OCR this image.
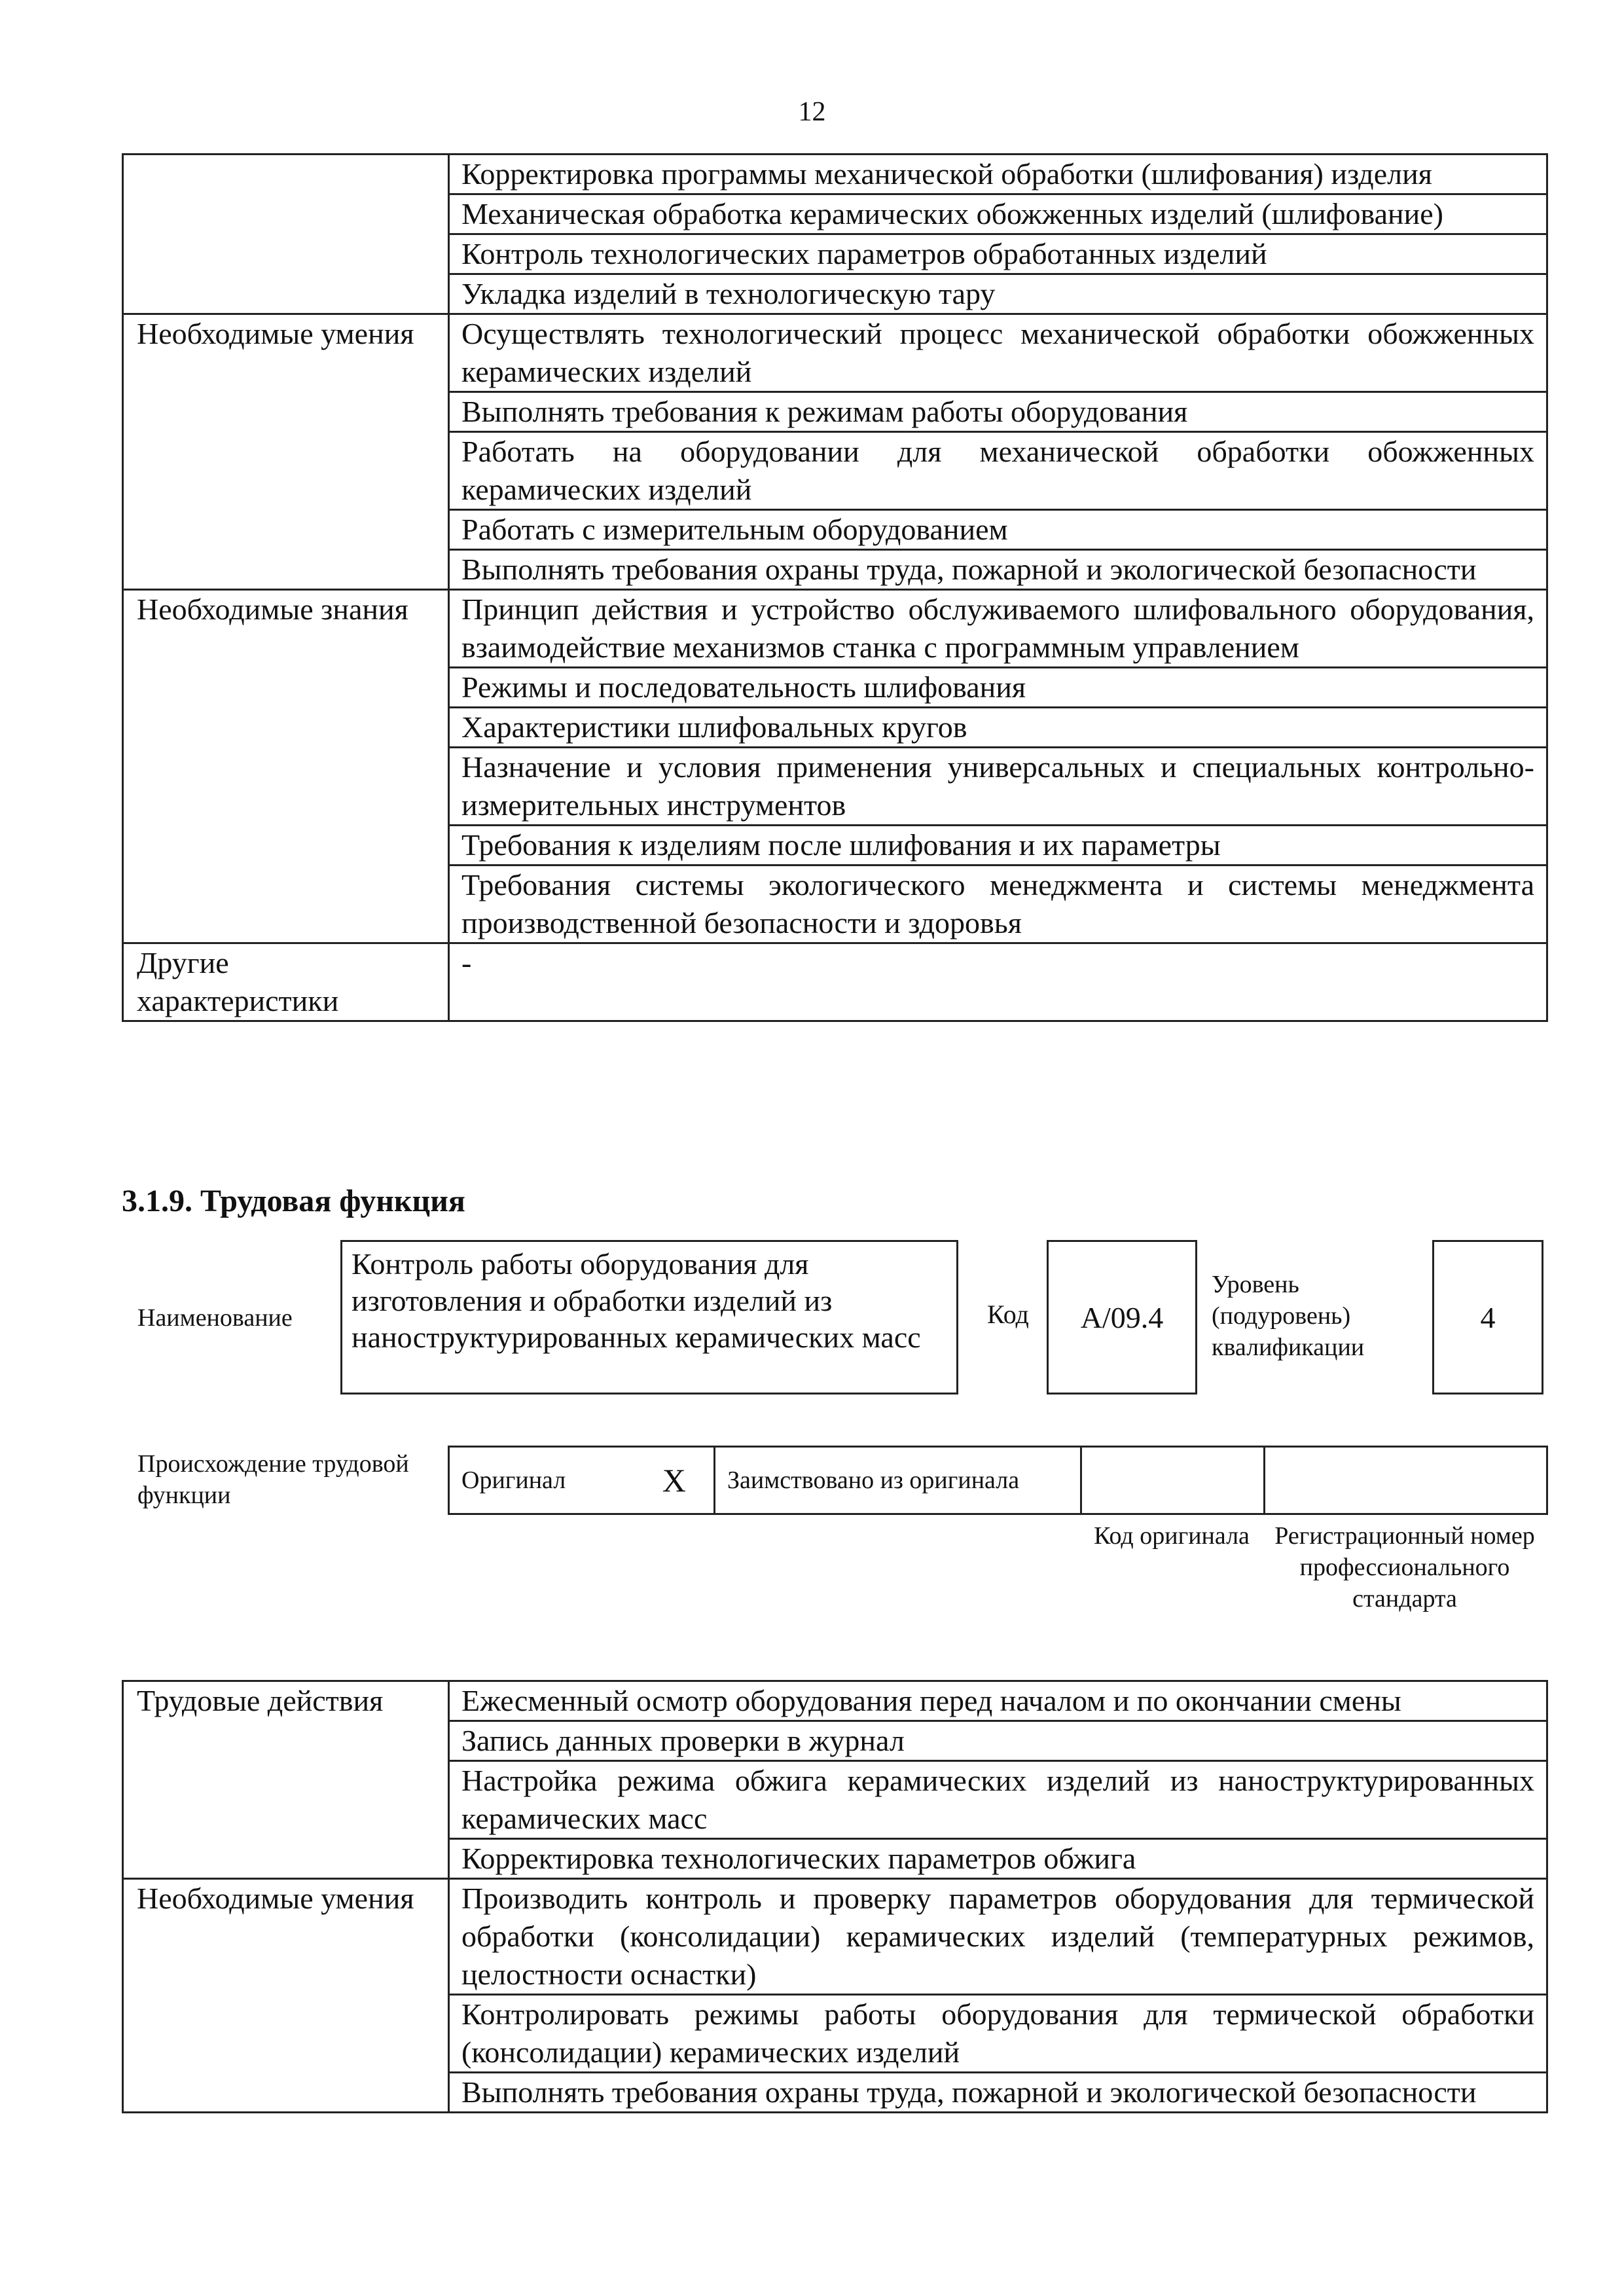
12
	Корректировка программы механической обработки (шлифования) изделия
	Механическая обработка керамических обожженных изделий (шлифование)
	Контроль технологических параметров обработанных изделий
	Укладка изделий в технологическую тару
Необходимые умения	Осуществлять технологический процесс механической обработки обожженных керамических изделий
	Выполнять требования к режимам работы оборудования
	Работать на оборудовании для механической обработки обожженных керамических изделий
	Работать с измерительным оборудованием
	Выполнять требования охраны труда, пожарной и экологической безопасности
Необходимые знания	Принцип действия и устройство обслуживаемого шлифовального оборудования, взаимодействие механизмов станка с программным управлением
	Режимы и последовательность шлифования
	Характеристики шлифовальных кругов
	Назначение и условия применения универсальных и специальных контрольно-измерительных инструментов
	Требования к изделиям после шлифования и их параметры
	Требования системы экологического менеджмента и системы менеджмента производственной безопасности и здоровья
Другие характеристики	-
3.1.9. Трудовая функция
Наименование
Контроль работы оборудования для изготовления и обработки изделий из наноструктурированных керамических масс
Код	A/09.4
Уровень (подуровень) квалификации
4
Происхождение трудовой функции
Оригинал	X	Заимствовано из оригинала		
Код оригинала	Регистрационный номер профессионального стандарта
Трудовые действия	Ежесменный осмотр оборудования перед началом и по окончании смены
	Запись данных проверки в журнал
	Настройка режима обжига керамических изделий из наноструктурированных керамических масс
	Корректировка технологических параметров обжига
Необходимые умения	Производить контроль и проверку параметров оборудования для термической обработки (консолидации) керамических изделий (температурных режимов, целостности оснастки)
	Контролировать режимы работы оборудования для термической обработки (консолидации) керамических изделий
	Выполнять требования охраны труда, пожарной и экологической безопасности
